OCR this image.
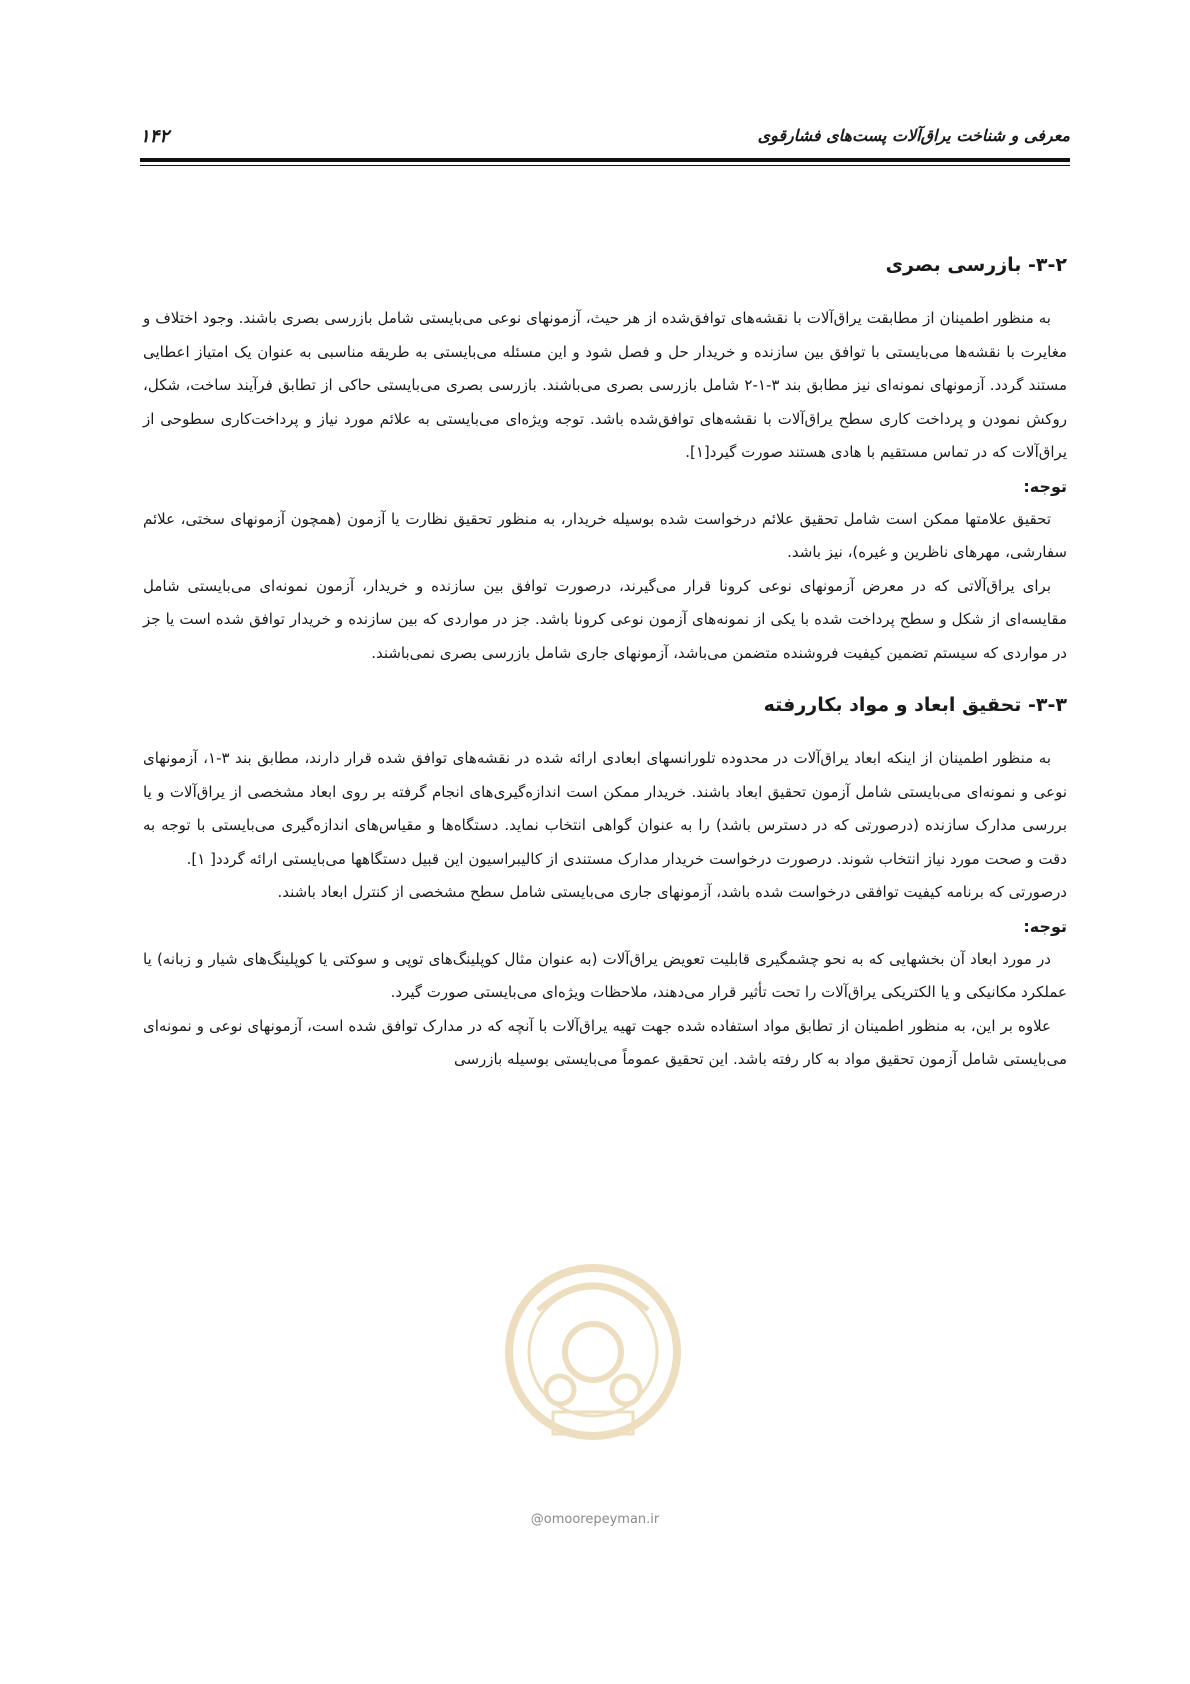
معرفی و شناخت یراق‌آلات پست‌های فشارقوی
۱۴۲
۳-۲- بازرسی بصری

به منظور اطمینان از مطابقت یراق‌آلات با نقشه‌های توافق‌شده از هر حیث، آزمونهای نوعی می‌بایستی شامل بازرسی بصری باشند. وجود اختلاف و مغایرت با نقشه‌ها می‌بایستی با توافق بین سازنده و خریدار حل و فصل شود و این مسئله می‌بایستی به طریقه مناسبی به عنوان یک امتیاز اعطایی مستند گردد. آزمونهای نمونه‌ای نیز مطابق بند ۳-۱-۲ شامل بازرسی بصری می‌باشند. بازرسی بصری می‌بایستی حاکی از تطابق فرآیند ساخت، شکل، روکش نمودن و پرداخت کاری سطح یراق‌آلات با نقشه‌های توافق‌شده باشد. توجه ویژه‌ای می‌بایستی به علائم مورد نیاز و پرداخت‌کاری سطوحی از یراق‌آلات که در تماس مستقیم با هادی هستند صورت گیرد[۱].

توجه:

تحقیق علامتها ممکن است شامل تحقیق علائم درخواست شده بوسیله خریدار، به منظور تحقیق نظارت یا آزمون (همچون آزمونهای سختی، علائم سفارشی، مهرهای ناظرین و غیره)، نیز باشد.

برای یراق‌آلاتی که در معرض آزمونهای نوعی کرونا قرار می‌گیرند، درصورت توافق بین سازنده و خریدار، آزمون نمونه‌ای می‌بایستی شامل مقایسه‌ای از شکل و سطح پرداخت شده با یکی از نمونه‌های آزمون نوعی کرونا باشد. جز در مواردی که بین سازنده و خریدار توافق شده است یا جز در مواردی که سیستم تضمین کیفیت فروشنده متضمن می‌باشد، آزمونهای جاری شامل بازرسی بصری نمی‌باشند.

۳-۳- تحقیق ابعاد و مواد بکاررفته

به منظور اطمینان از اینکه ابعاد یراق‌آلات در محدوده تلورانسهای ابعادی ارائه شده در نقشه‌های توافق شده قرار دارند، مطابق بند ۳-۱، آزمونهای نوعی و نمونه‌ای می‌بایستی شامل آزمون تحقیق ابعاد باشند. خریدار ممکن است اندازه‌گیری‌های انجام گرفته بر روی ابعاد مشخصی از یراق‌آلات و یا بررسی مدارک سازنده (درصورتی که در دسترس باشد) را به عنوان گواهی انتخاب نماید. دستگاه‌ها و مقیاس‌های اندازه‌گیری می‌بایستی با توجه به دقت و صحت مورد نیاز انتخاب شوند. درصورت درخواست خریدار مدارک مستندی از کالیبراسیون این قبیل دستگاهها می‌بایستی ارائه گردد[ ۱].

درصورتی که برنامه کیفیت توافقی درخواست شده باشد، آزمونهای جاری می‌بایستی شامل سطح مشخصی از کنترل ابعاد باشند.

توجه:

در مورد ابعاد آن بخشهایی که به نحو چشمگیری قابلیت تعویض یراق‌آلات (به عنوان مثال کوپلینگ‌های توپی و سوکتی یا کوپلینگ‌های شیار و زبانه) یا عملکرد مکانیکی و یا الکتریکی یراق‌آلات را تحت تأثیر قرار می‌دهند، ملاحظات ویژه‌ای می‌بایستی صورت گیرد.

علاوه بر این، به منظور اطمینان از تطابق مواد استفاده شده جهت تهیه یراق‌آلات با آنچه که در مدارک توافق شده است، آزمونهای نوعی و نمونه‌ای می‌بایستی شامل آزمون تحقیق مواد به کار رفته باشد. این تحقیق عموماً می‌بایستی بوسیله بازرسی

@omoorepeyman.ir
